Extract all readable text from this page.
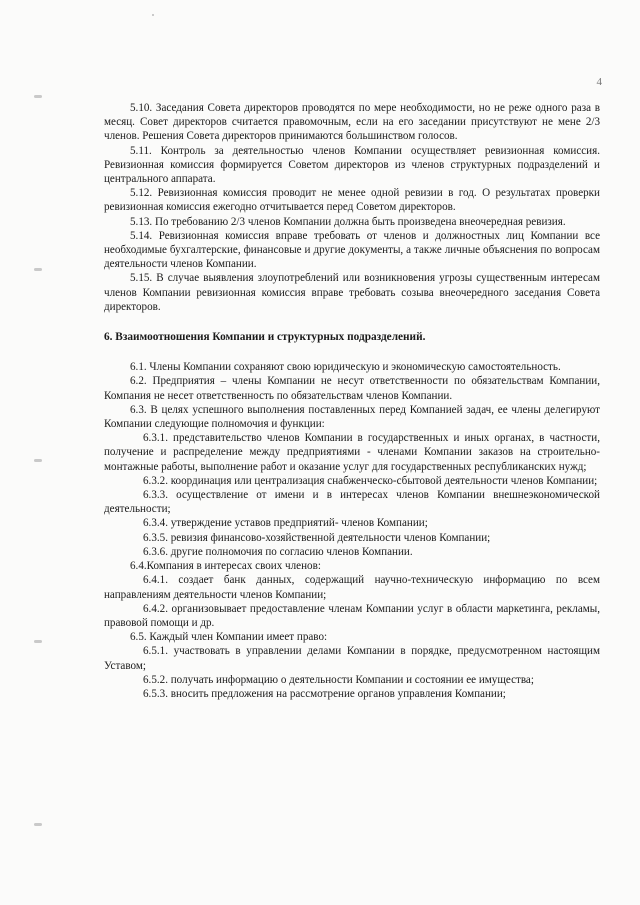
4

5.10. Заседания Совета директоров проводятся по мере необходимости, но не реже одного раза в месяц. Совет директоров считается правомочным, если на его заседании присутствуют не мене 2/3 членов. Решения Совета директоров принимаются большинством голосов.

5.11. Контроль за деятельностью членов Компании осуществляет ревизионная комиссия. Ревизионная комиссия формируется Советом директоров из членов структурных подразделений и центрального аппарата.

5.12. Ревизионная комиссия проводит не менее одной ревизии в год. О результатах проверки ревизионная комиссия ежегодно отчитывается перед Советом директоров.

5.13. По требованию 2/3 членов Компании должна быть произведена внеочередная ревизия.

5.14. Ревизионная комиссия вправе требовать от членов и должностных лиц Компании все необходимые бухгалтерские, финансовые и другие документы, а также личные объяснения по вопросам деятельности членов Компании.

5.15. В случае выявления злоупотреблений или возникновения угрозы существенным интересам членов Компании ревизионная комиссия вправе требовать созыва внеочередного заседания Совета директоров.

6. Взаимоотношения Компании и структурных подразделений.

6.1. Члены Компании сохраняют свою юридическую и экономическую самостоятельность.

6.2. Предприятия – члены Компании не несут ответственности по обязательствам Компании, Компания не несет ответственность по обязательствам членов Компании.

6.3. В целях успешного выполнения поставленных перед Компанией задач, ее члены делегируют Компании следующие полномочия и функции:

6.3.1. представительство членов Компании в государственных и иных органах, в частности, получение и распределение между предприятиями - членами Компании заказов на строительно-монтажные работы, выполнение работ и оказание услуг для государственных республиканских нужд;

6.3.2. координация или централизация снабженческо-сбытовой деятельности членов Компании;

6.3.3. осуществление от имени и в интересах членов Компании внешнеэкономической деятельности;

6.3.4. утверждение уставов предприятий- членов Компании;

6.3.5. ревизия финансово-хозяйственной деятельности членов Компании;

6.3.6. другие полномочия по согласию членов Компании.

6.4.Компания в интересах своих членов:

6.4.1. создает банк данных, содержащий научно-техническую информацию по всем направлениям деятельности членов Компании;

6.4.2. организовывает предоставление членам Компании услуг в области маркетинга, рекламы, правовой помощи и др.

6.5. Каждый член Компании имеет право:

6.5.1. участвовать в управлении делами Компании в порядке, предусмотренном настоящим Уставом;

6.5.2. получать информацию о деятельности Компании и состоянии ее имущества;

6.5.3. вносить предложения на рассмотрение органов управления Компании;
